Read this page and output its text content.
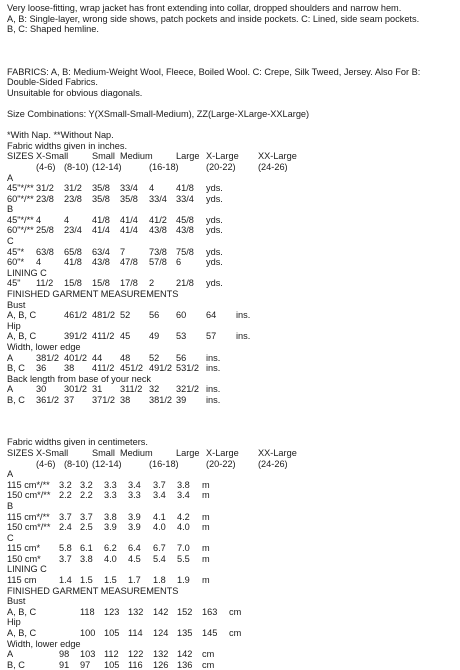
Very loose-fitting, wrap jacket has front extending into collar, dropped shoulders and narrow hem.
A, B: Single-layer, wrong side shows, patch pockets and inside pockets. C: Lined, side seam pockets.
B, C: Shaped hemline.
FABRICS: A, B: Medium-Weight Wool, Fleece, Boiled Wool. C: Crepe, Silk Tweed, Jersey. Also For B:
Double-Sided Fabrics.
Unsuitable for obvious diagonals.
Size Combinations: Y(XSmall-Small-Medium), ZZ(Large-XLarge-XXLarge)
*With Nap. **Without Nap.
Fabric widths given in inches.
SIZES X-Small	Small Medium	Large X-Large XX-Large
(4-6) (8-10) (12-14)	(16-18)	(20-22) (24-26)
A
45"*/** 31/2 31/2 35/8 33/4 4 41/8 yds.
60"*/** 23/8 23/8 35/8 35/8 33/4 33/4 yds.
B
45"*/** 4 4 41/8 41/4 41/2 45/8 yds.
60"*/** 25/8 23/4 41/4 41/4 43/8 43/8 yds.
C
45"* 63/8 65/8 63/4 7	73/8 75/8 yds.
60"* 4 41/8 43/8 47/8 57/8 6	yds.
LINING C
45" 11/2 15/8 15/8 17/8 2 21/8 yds.
FINISHED GARMENT MEASUREMENTS
Bust
A, B, C	461/2 481/2 52 56 60 64 ins.
Hip
A, B, C	391/2 411/2 45 49 53 57 ins.
Width, lower edge
A 381/2 401/2 44 48 52 56 ins.
B, C 36 38 411/2 451/2 491/2 531/2 ins.
Back length from base of your neck
A 30 301/2 31 311/2 32 321/2 ins.
B, C 361/2 37 371/2 38 381/2 39 ins.
Fabric widths given in centimeters.
SIZES X-Small	Small Medium	Large X-Large XX-Large
(4-6) (8-10) (12-14)	(16-18)	(20-22) (24-26)
A
115 cm*/** 3.2 3.2 3.3 3.4 3.7 3.8 m
150 cm*/** 2.2 2.2 3.3 3.3 3.4 3.4 m
B
115 cm*/** 3.7 3.7 3.8 3.9 4.1 4.2 m
150 cm*/** 2.4 2.5 3.9 3.9 4.0 4.0 m
C
115 cm* 5.8 6.1 6.2 6.4 6.7 7.0 m
150 cm* 3.7 3.8 4.0 4.5 5.4 5.5 m
LINING C
115 cm 1.4 1.5 1.5 1.7 1.8 1.9 m
FINISHED GARMENT MEASUREMENTS
Bust
A, B, C	118 123 132 142 152 163 cm
Hip
A, B, C	100 105 114 124 135 145 cm
Width, lower edge
A	98 103 112 122 132 142 cm
B, C	91 97 105 116 126 136 cm
